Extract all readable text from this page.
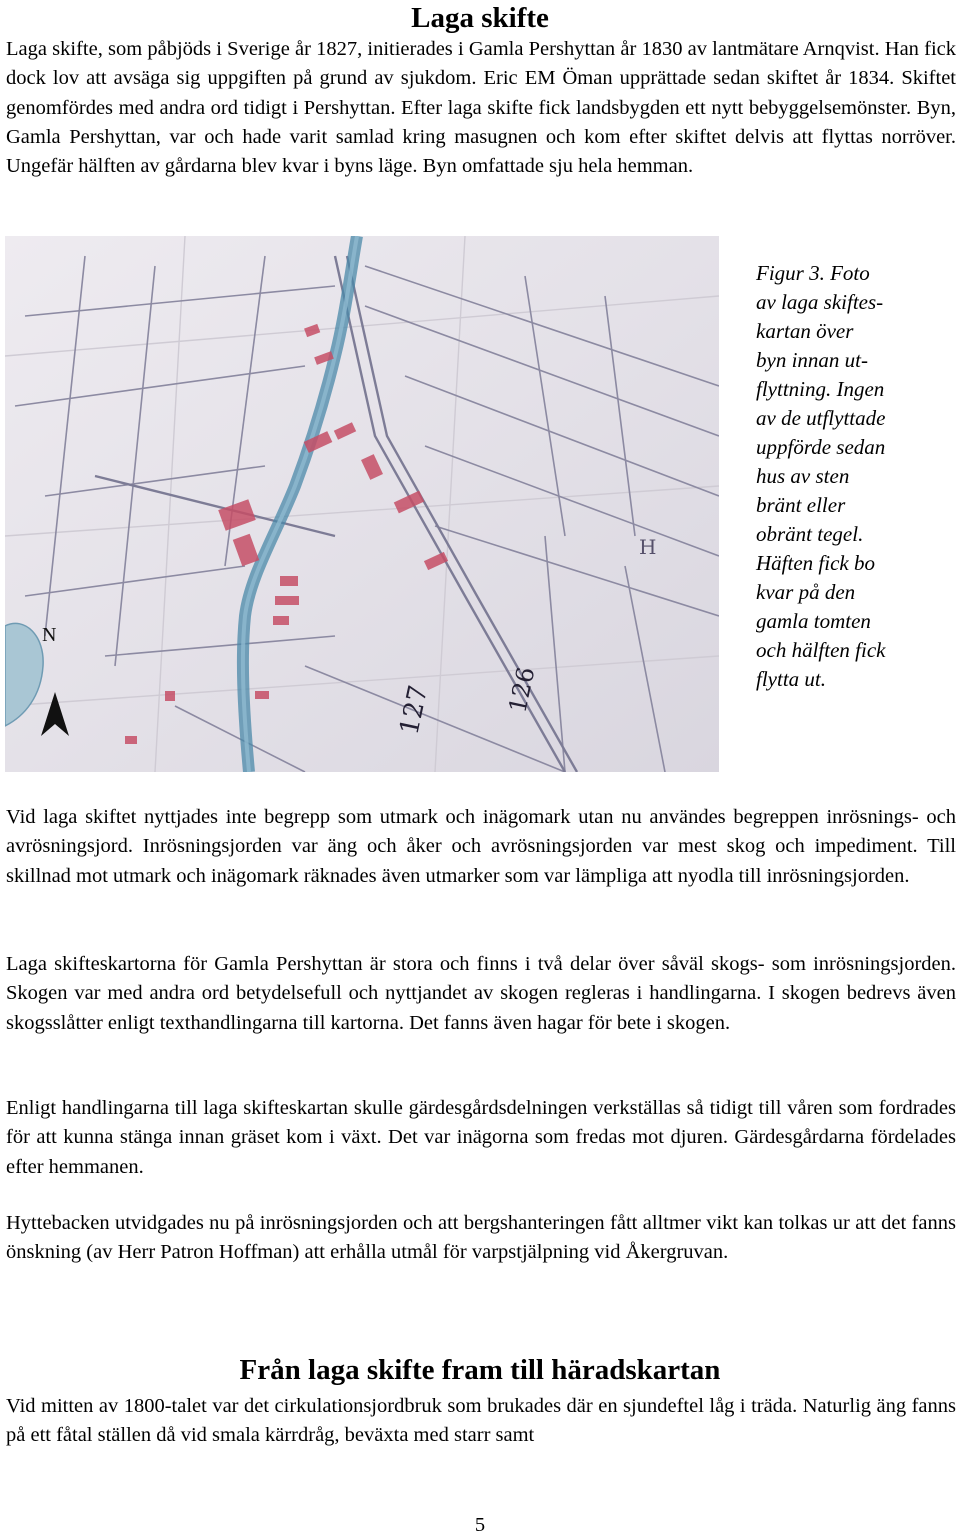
Laga skifte

Laga skifte, som påbjöds i Sverige år 1827, initierades i Gamla Pershyttan år 1830 av lantmätare Arnqvist. Han fick dock lov att avsäga sig uppgiften på grund av sjukdom. Eric EM Öman upprättade sedan skiftet år 1834. Skiftet genomfördes med andra ord tidigt i Pershyttan. Efter laga skifte fick landsbygden ett nytt bebyggelsemönster. Byn, Gamla Pershyttan, var och hade varit samlad kring masugnen och kom efter skiftet delvis att flyttas norröver. Ungefär hälften av gårdarna blev kvar i byns läge. Byn omfattade sju hela hemman.

127	126
H
N

Figur 3. Foto
av laga skiftes-
kartan över
byn innan ut-
flyttning. Ingen
av de utflyttade
uppförde sedan
hus av sten
bränt eller
obränt tegel.
Häften fick bo
kvar på den
gamla tomten
och hälften fick
flytta ut.

Vid laga skiftet nyttjades inte begrepp som utmark och inägomark utan nu användes begreppen inrösnings- och avrösningsjord. Inrösningsjorden var äng och åker och avrösningsjorden var mest skog och impediment. Till skillnad mot utmark och inägomark räknades även utmarker som var lämpliga att nyodla till inrösningsjorden.

Laga skifteskartorna för Gamla Pershyttan är stora och finns i två delar över såväl skogs- som inrösningsjorden. Skogen var med andra ord betydelsefull och nyttjandet av skogen regleras i handlingarna. I skogen bedrevs även skogsslåtter enligt texthandlingarna till kartorna. Det fanns även hagar för bete i skogen.

Enligt handlingarna till laga skifteskartan skulle gärdesgårdsdelningen verkställas så tidigt till våren som fordrades för att kunna stänga innan gräset kom i växt. Det var inägorna som fredas mot djuren. Gärdesgårdarna fördelades efter hemmanen.

Hyttebacken utvidgades nu på inrösningsjorden och att bergshanteringen fått alltmer vikt kan tolkas ur att det fanns önskning (av Herr Patron Hoffman) att erhålla utmål för varpstjälpning vid Åkergruvan.

Från laga skifte fram till häradskartan

Vid mitten av 1800-talet var det cirkulationsjordbruk som brukades där en sjundeftel låg i träda. Naturlig äng fanns på ett fåtal ställen då vid smala kärrdråg, beväxta med starr samt

5
